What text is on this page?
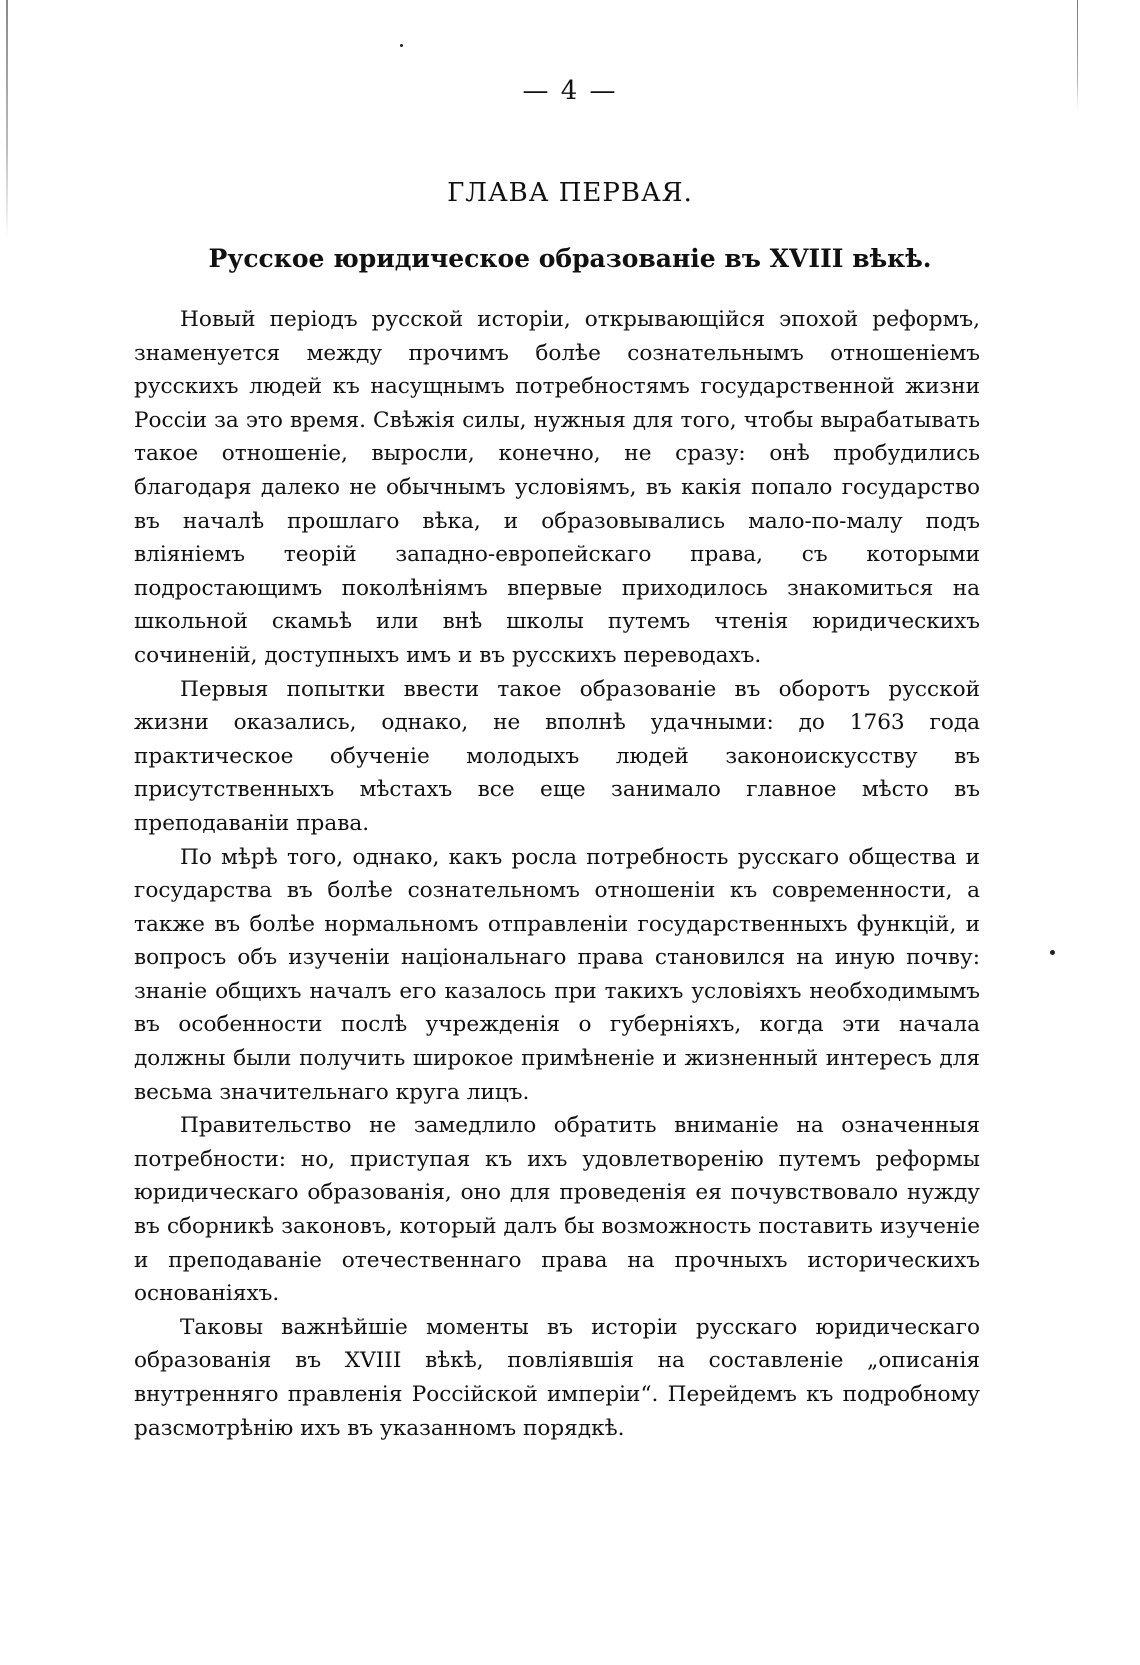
— 4 —
ГЛАВА ПЕРВАЯ.
Русское юридическое образованіе въ XVIII вѣкѣ.

Новый періодъ русской исторіи, открывающійся эпохой реформъ, знаменуется между прочимъ болѣе сознательнымъ отношеніемъ русскихъ людей къ насущнымъ потребностямъ государственной жизни Россіи за это время. Свѣжія силы, нужныя для того, чтобы вырабатывать такое отношеніе, выросли, конечно, не сразу: онѣ пробудились благодаря далеко не обычнымъ условіямъ, въ какія попало государство въ началѣ прошлаго вѣка, и образовывались мало-по-малу подъ вліяніемъ теорій западно-европейскаго права, съ которыми подростающимъ поколѣніямъ впервые приходилось знакомиться на школьной скамьѣ или внѣ школы путемъ чтенія юридическихъ сочиненій, доступныхъ имъ и въ русскихъ переводахъ.

Первыя попытки ввести такое образованіе въ оборотъ русской жизни оказались, однако, не вполнѣ удачными: до 1763 года практическое обученіе молодыхъ людей законоискусству въ присутственныхъ мѣстахъ все еще занимало главное мѣсто въ преподаваніи права.

По мѣрѣ того, однако, какъ росла потребность русскаго общества и государства въ болѣе сознательномъ отношеніи къ современности, а также въ болѣе нормальномъ отправленіи государственныхъ функцій, и вопросъ объ изученіи національнаго права становился на иную почву: знаніе общихъ началъ его казалось при такихъ условіяхъ необходимымъ въ особенности послѣ учрежденія о губерніяхъ, когда эти начала должны были получить широкое примѣненіе и жизненный интересъ для весьма значительнаго круга лицъ.

Правительство не замедлило обратить вниманіе на означенныя потребности: но, приступая къ ихъ удовлетворенію путемъ реформы юридическаго образованія, оно для проведенія ея почувствовало нужду въ сборникѣ законовъ, который далъ бы возможность поставить изученіе и преподаваніе отечественнаго права на прочныхъ историческихъ основаніяхъ.

Таковы важнѣйшіе моменты въ исторіи русскаго юридическаго образованія въ XVIII вѣкѣ, повліявшія на составленіе „описанія внутренняго правленія Россійской имперіи“. Перейдемъ къ подробному разсмотрѣнію ихъ въ указанномъ порядкѣ.
